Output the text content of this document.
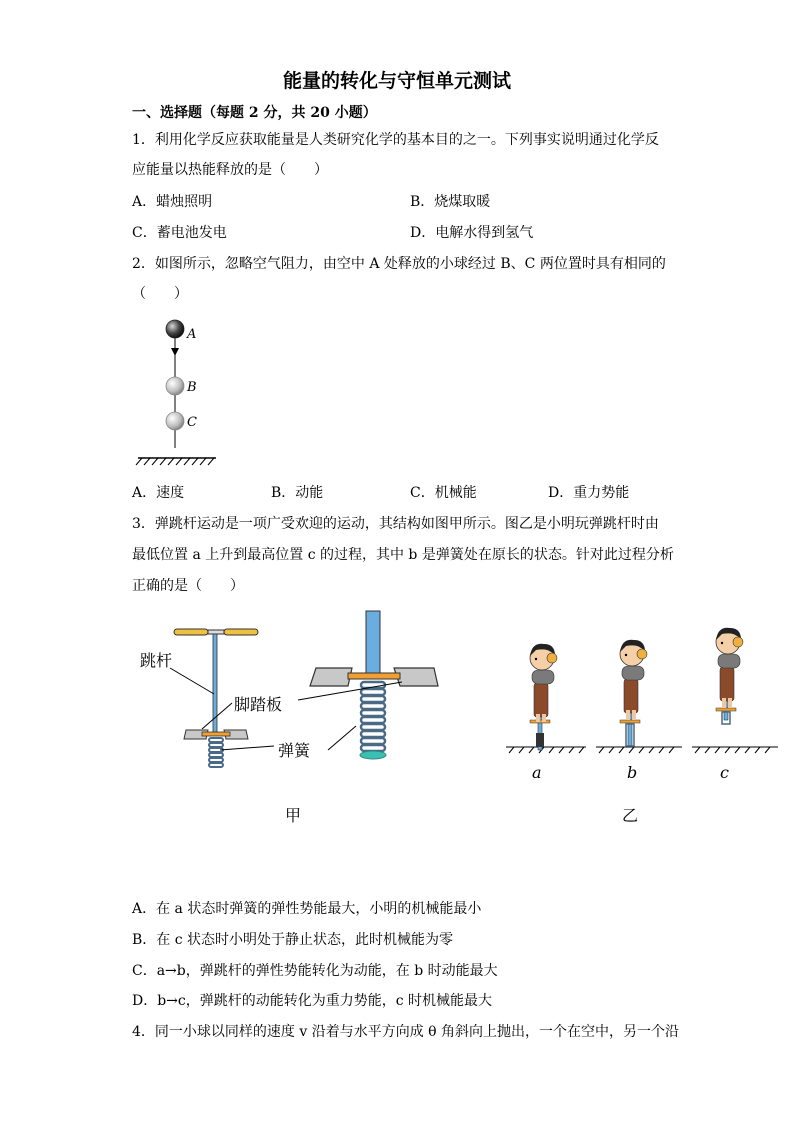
能量的转化与守恒单元测试
一、选择题（每题 2 分，共 20 小题）
1．利用化学反应获取能量是人类研究化学的基本目的之一。下列事实说明通过化学反
应能量以热能释放的是（　　）
A．蜡烛照明	B．烧煤取暖
C．蓄电池发电	D．电解水得到氢气
2．如图所示，忽略空气阻力，由空中 A 处释放的小球经过 B、C 两位置时具有相同的
（　　）
A
B
C
A．速度	B．动能	C．机械能	D．重力势能
3．弹跳杆运动是一项广受欢迎的运动，其结构如图甲所示。图乙是小明玩弹跳杆时由
最低位置 a 上升到最高位置 c 的过程，其中 b 是弹簧处在原长的状态。针对此过程分析
正确的是（　　）
跳杆
脚踏板
弹簧
甲
a	b	c
乙
A．在 a 状态时弹簧的弹性势能最大，小明的机械能最小
B．在 c 状态时小明处于静止状态，此时机械能为零
C．a→b，弹跳杆的弹性势能转化为动能，在 b 时动能最大
D．b→c，弹跳杆的动能转化为重力势能，c 时机械能最大
4．同一小球以同样的速度 v 沿着与水平方向成 θ 角斜向上抛出，一个在空中，另一个沿
